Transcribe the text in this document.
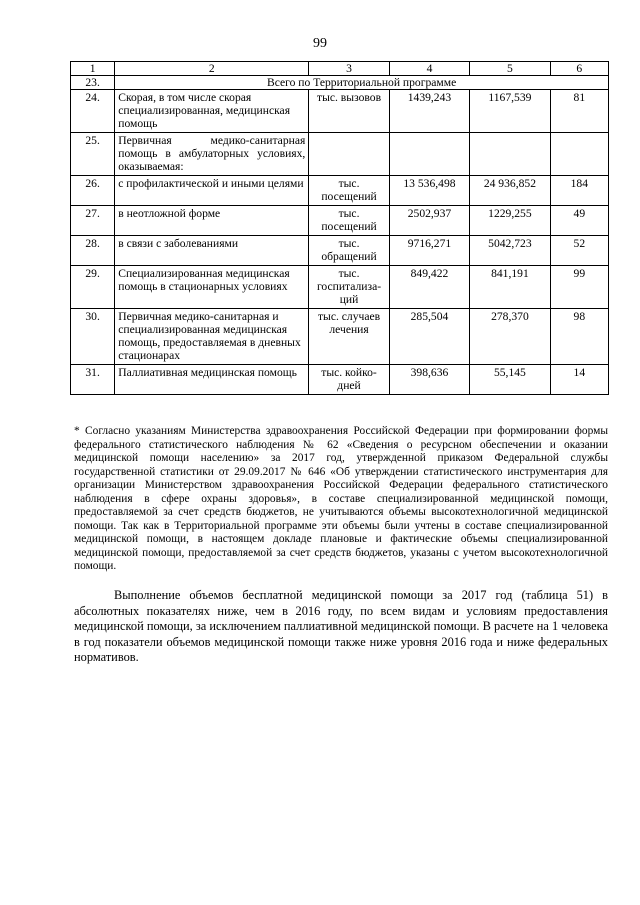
99
1	2	3	4	5	6
23.	Всего по Территориальной программе				
24.	Скорая, в том числе скорая специализированная, медицинская помощь	тыс. вызовов	1439,243	1167,539	81
25.	Первичная медико-санитарная помощь в амбулаторных условиях, оказываемая:				
26.	с профилактической и иными целями	тыс. посещений	13 536,498	24 936,852	184
27.	в неотложной форме	тыс. посещений	2502,937	1229,255	49
28.	в связи с заболеваниями	тыс. обращений	9716,271	5042,723	52
29.	Специализированная медицинская помощь в стационарных условиях	тыс. госпитализа-ций	849,422	841,191	99
30.	Первичная медико-санитарная и специализированная медицинская помощь, предоставляемая в дневных стационарах	тыс. случаев лечения	285,504	278,370	98
31.	Паллиативная медицинская помощь	тыс. койко-дней	398,636	55,145	14
* Согласно указаниям Министерства здравоохранения Российской Федерации при формировании формы федерального статистического наблюдения № 62 «Сведения о ресурсном обеспечении и оказании медицинской помощи населению» за 2017 год, утвержденной приказом Федеральной службы государственной статистики от 29.09.2017 № 646 «Об утверждении статистического инструментария для организации Министерством здравоохранения Российской Федерации федерального статистического наблюдения в сфере охраны здоровья», в составе специализированной медицинской помощи, предоставляемой за счет средств бюджетов, не учитываются объемы высокотехнологичной медицинской помощи. Так как в Территориальной программе эти объемы были учтены в составе специализированной медицинской помощи, в настоящем докладе плановые и фактические объемы специализированной медицинской помощи, предоставляемой за счет средств бюджетов, указаны с учетом высокотехнологичной помощи.
Выполнение объемов бесплатной медицинской помощи за 2017 год (таблица 51) в абсолютных показателях ниже, чем в 2016 году, по всем видам и условиям предоставления медицинской помощи, за исключением паллиативной медицинской помощи. В расчете на 1 человека в год показатели объемов медицинской помощи также ниже уровня 2016 года и ниже федеральных нормативов.
